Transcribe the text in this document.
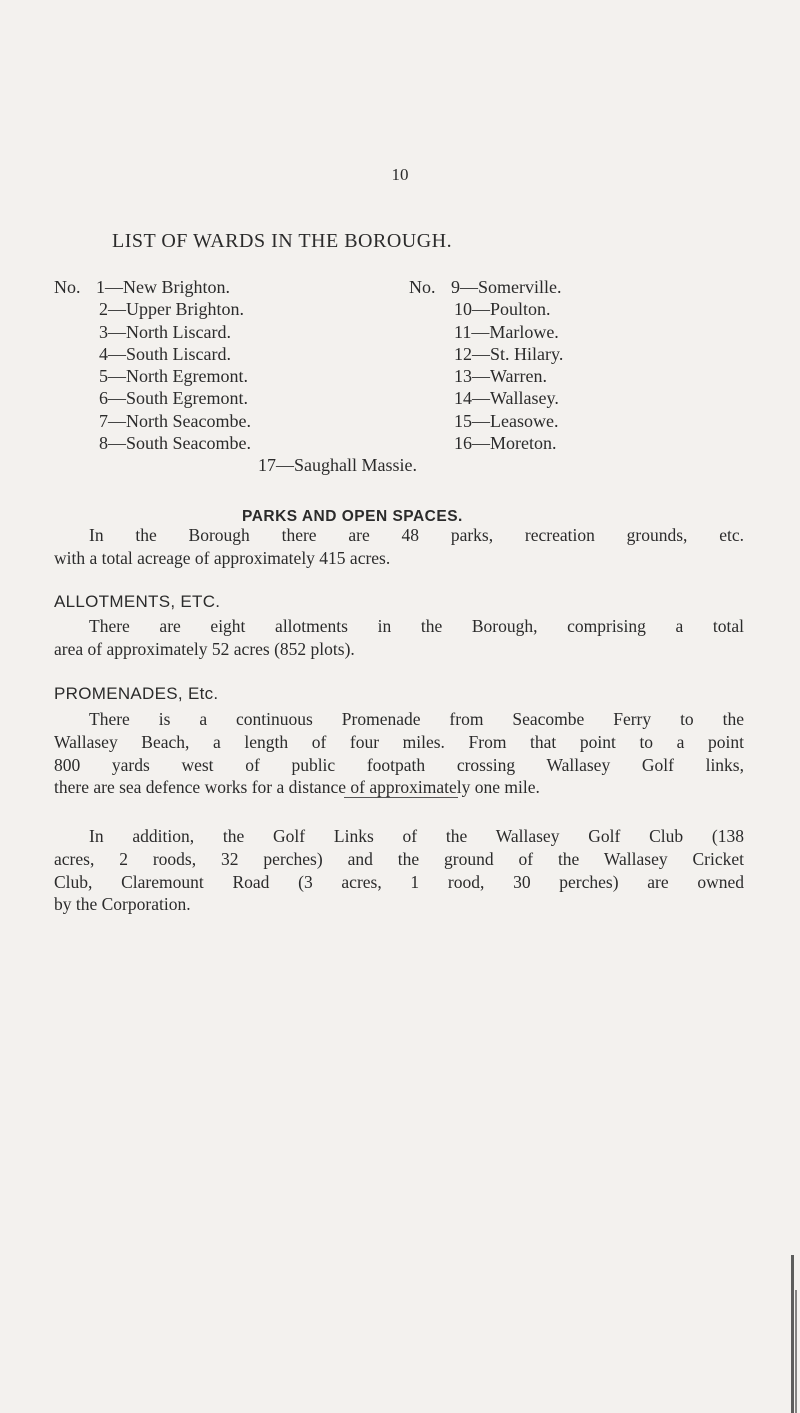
10
LIST OF WARDS IN THE BOROUGH.
No. 1—New Brighton.
2—Upper Brighton.
3—North Liscard.
4—South Liscard.
5—North Egremont.
6—South Egremont.
7—North Seacombe.
8—South Seacombe.
No. 9—Somerville.
10—Poulton.
11—Marlowe.
12—St. Hilary.
13—Warren.
14—Wallasey.
15—Leasowe.
16—Moreton.
17—Saughall Massie.
PARKS AND OPEN SPACES.
In the Borough there are 48 parks, recreation grounds, etc.
with a total acreage of approximately 415 acres.
ALLOTMENTS, ETC.
There are eight allotments in the Borough, comprising a total
area of approximately 52 acres (852 plots).
PROMENADES, Etc.
There is a continuous Promenade from Seacombe Ferry to the
Wallasey Beach, a length of four miles. From that point to a point
800 yards west of public footpath crossing Wallasey Golf links,
there are sea defence works for a distance of approximately one mile.
In addition, the Golf Links of the Wallasey Golf Club (138
acres, 2 roods, 32 perches) and the ground of the Wallasey Cricket
Club, Claremount Road (3 acres, 1 rood, 30 perches) are owned
by the Corporation.
